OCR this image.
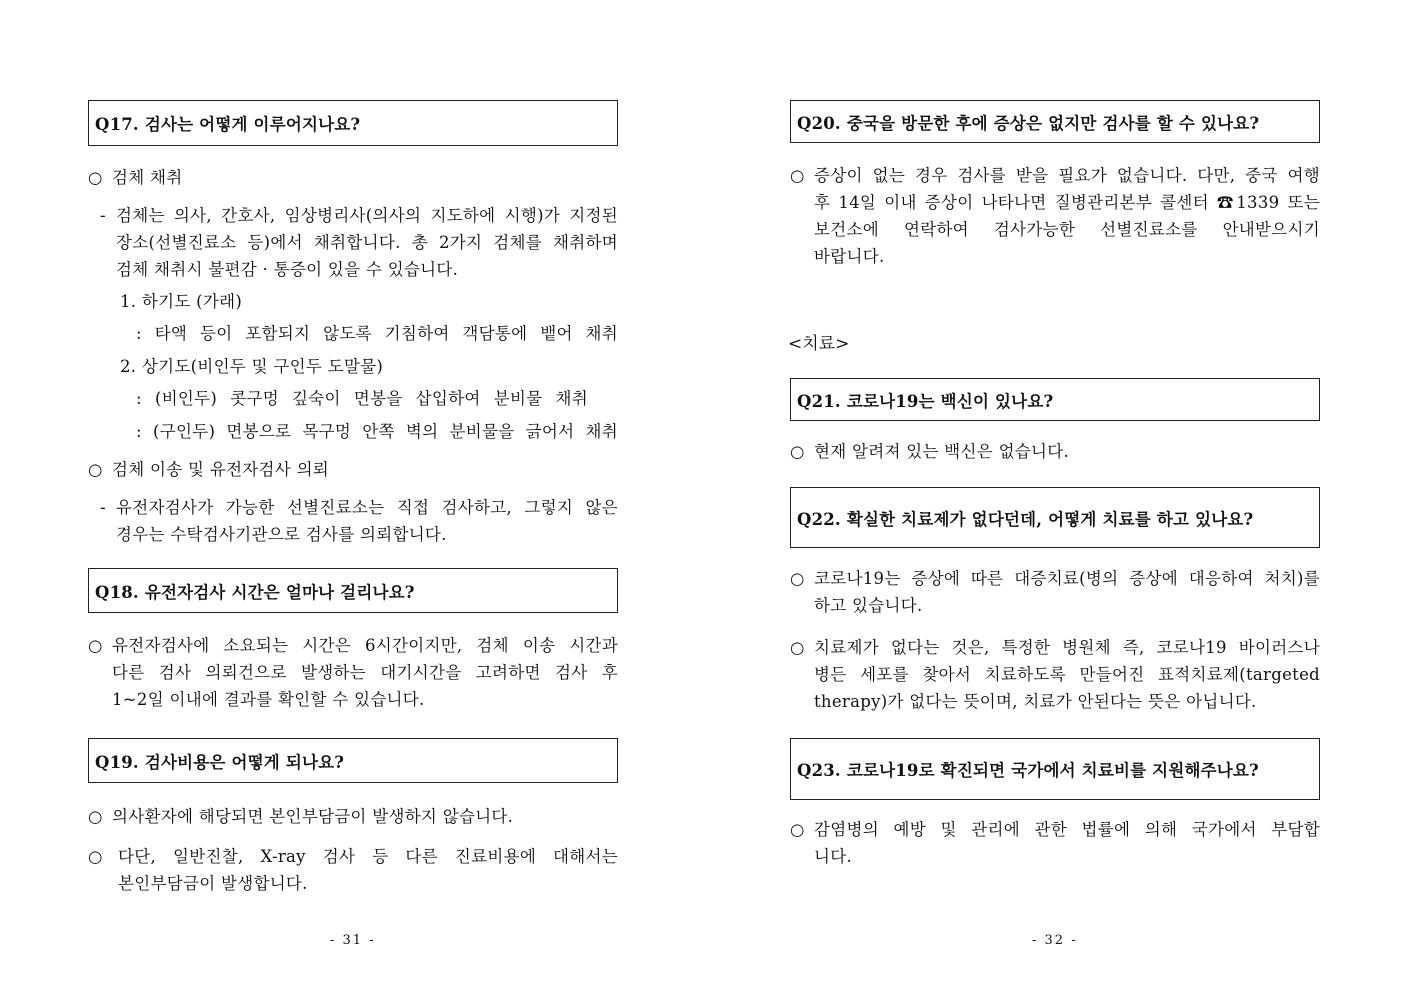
Q17. 검사는 어떻게 이루어지나요?
○ 검체 채취
- 검체는 의사, 간호사, 임상병리사(의사의 지도하에 시행)가 지정된
장소(선별진료소 등)에서 채취합니다. 총 2가지 검체를 채취하며
검체 채취시 불편감 · 통증이 있을 수 있습니다.
1. 하기도 (가래)
: 타액 등이 포함되지 않도록 기침하여 객담통에 뱉어 채취
2. 상기도(비인두 및 구인두 도말물)
: (비인두) 콧구멍 깊숙이 면봉을 삽입하여 분비물 채취
: (구인두) 면봉으로 목구멍 안쪽 벽의 분비물을 긁어서 채취
○ 검체 이송 및 유전자검사 의뢰
- 유전자검사가 가능한 선별진료소는 직접 검사하고, 그렇지 않은
경우는 수탁검사기관으로 검사를 의뢰합니다.
Q18. 유전자검사 시간은 얼마나 걸리나요?
○ 유전자검사에 소요되는 시간은 6시간이지만, 검체 이송 시간과
다른 검사 의뢰건으로 발생하는 대기시간을 고려하면 검사 후
1~2일 이내에 결과를 확인할 수 있습니다.
Q19. 검사비용은 어떻게 되나요?
○ 의사환자에 해당되면 본인부담금이 발생하지 않습니다.
○ 다단, 일반진찰, X-ray 검사 등 다른 진료비용에 대해서는
본인부담금이 발생합니다.
- 31 -
Q20. 중국을 방문한 후에 증상은 없지만 검사를 할 수 있나요?
○ 증상이 없는 경우 검사를 받을 필요가 없습니다. 다만, 중국 여행
후 14일 이내 증상이 나타나면 질병관리본부 콜센터 ☎1339 또는
보건소에 연락하여 검사가능한 선별진료소를 안내받으시기
바랍니다.
<치료>
Q21. 코로나19는 백신이 있나요?
○ 현재 알려져 있는 백신은 없습니다.
Q22. 확실한 치료제가 없다던데, 어떻게 치료를 하고 있나요?
○ 코로나19는 증상에 따른 대증치료(병의 증상에 대응하여 처치)를
하고 있습니다.
○ 치료제가 없다는 것은, 특정한 병원체 즉, 코로나19 바이러스나
병든 세포를 찾아서 치료하도록 만들어진 표적치료제(targeted
therapy)가 없다는 뜻이며, 치료가 안된다는 뜻은 아닙니다.
Q23. 코로나19로 확진되면 국가에서 치료비를 지원해주나요?
○ 감염병의 예방 및 관리에 관한 법률에 의해 국가에서 부담합
니다.
- 32 -
